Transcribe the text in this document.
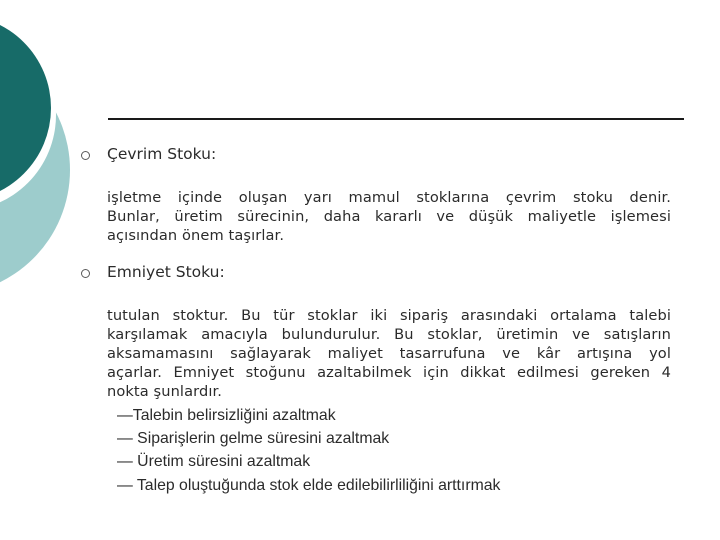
Çevrim Stoku:
işletme içinde oluşan yarı mamul stoklarına çevrim stoku denir.
Bunlar, üretim sürecinin, daha kararlı ve düşük maliyetle işlemesi
açısından önem taşırlar.
Emniyet Stoku:
tutulan stoktur. Bu tür stoklar iki sipariş arasındaki ortalama talebi
karşılamak amacıyla bulundurulur. Bu stoklar, üretimin ve satışların
aksamamasını sağlayarak maliyet tasarrufuna ve kâr artışına yol
açarlar. Emniyet stoğunu azaltabilmek için dikkat edilmesi gereken 4
nokta şunlardır.
—Talebin belirsizliğini azaltmak
— Siparişlerin gelme süresini azaltmak
— Üretim süresini azaltmak
— Talep oluştuğunda stok elde edilebilirliliğini arttırmak
